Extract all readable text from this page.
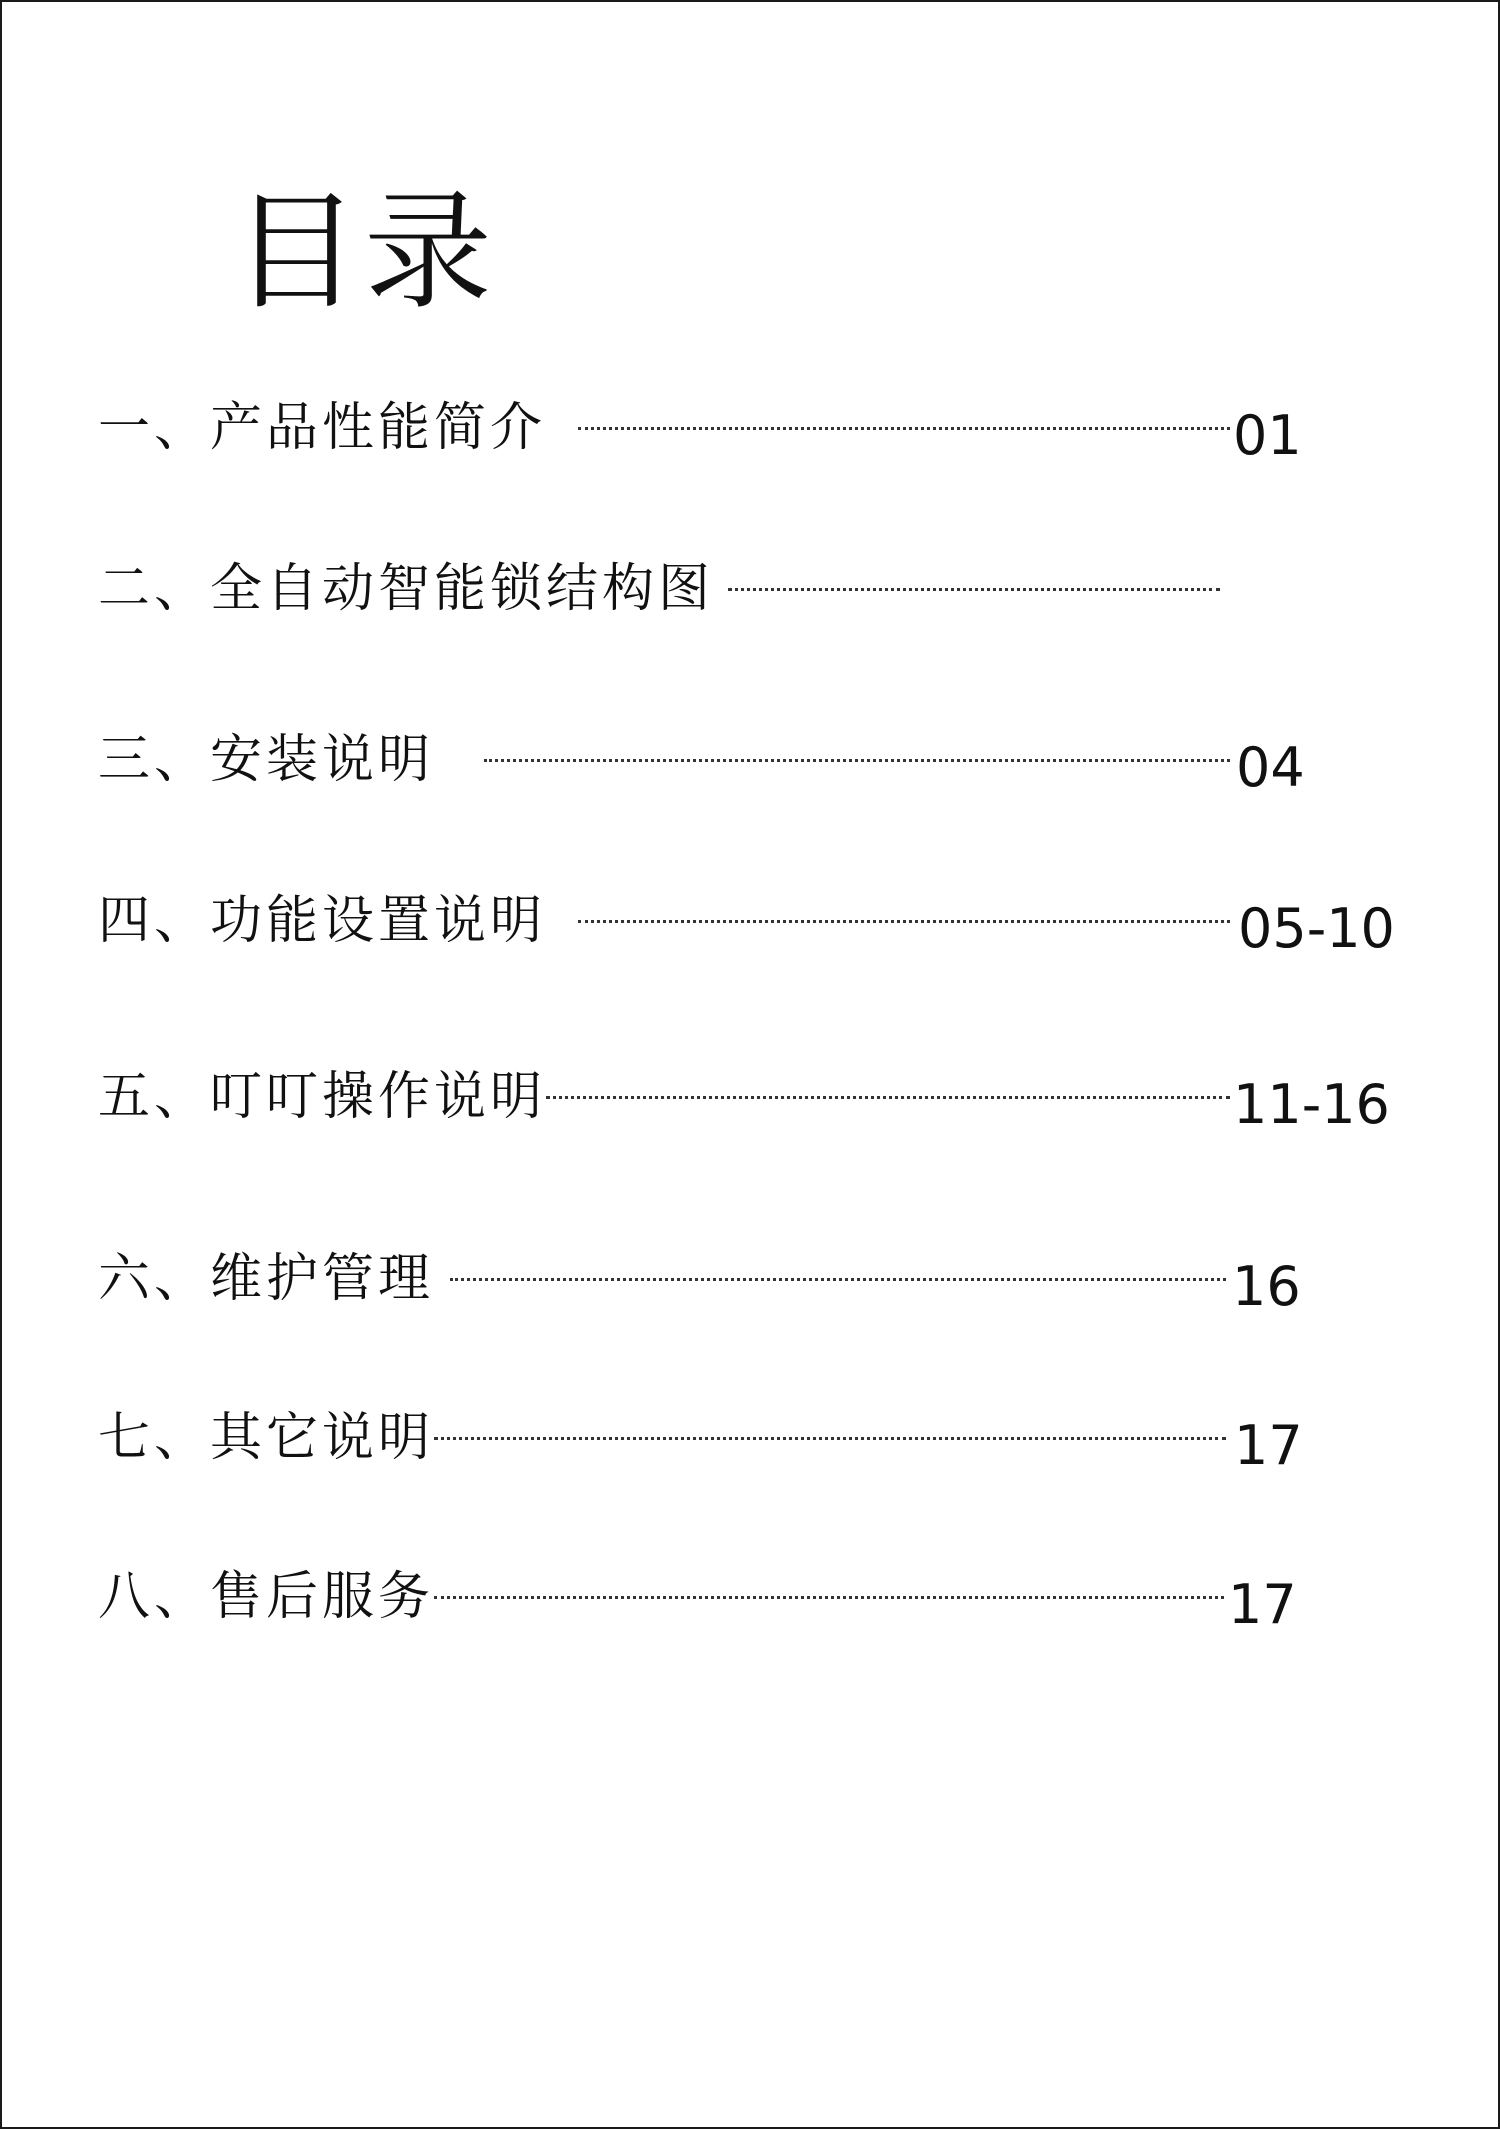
目录
一、产品性能简介	01
二、全自动智能锁结构图
三、安装说明	04
四、功能设置说明	05-10
五、叮叮操作说明	11-16
六、维护管理	16
七、其它说明	17
八、售后服务	17
